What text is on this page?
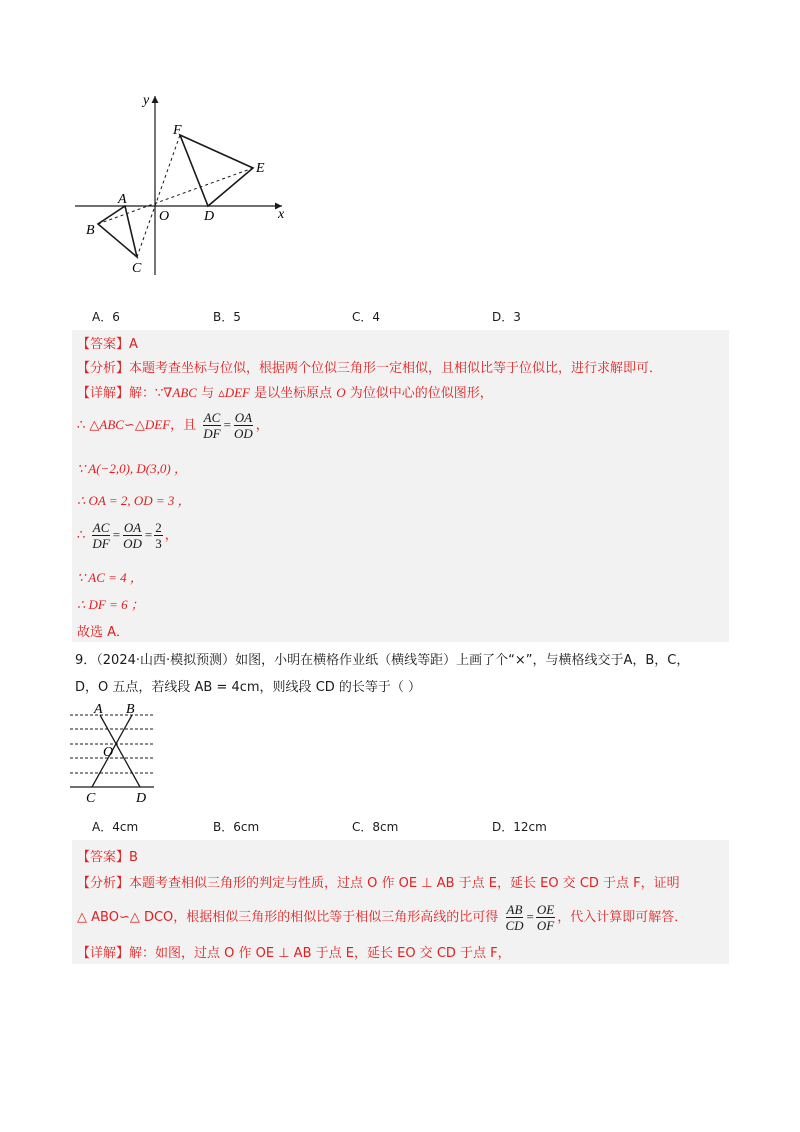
y
x
F
E
A
O D
B
C
A．6	B．5	C．4	D．3
【答案】A
【分析】本题考查坐标与位似，根据两个位似三角形一定相似，且相似比等于位似比，进行求解即可．
【详解】解：∵∇ABC 与 ▵DEF 是以坐标原点 O 为位似中心的位似图形，
∴ △ABC∽△DEF，且 $\frac{AC}{DF} = \frac{OA}{OD}$ ，
∵ A(−2,0), D(3,0) ，
∴ OA = 2, OD = 3 ，
∴ $\frac{AC}{DF} = \frac{OA}{OD} = \frac{2}{3}$ ，
∵ AC = 4 ，
∴ DF = 6 ；
故选 A．
9．（2024·山西·模拟预测）如图，小明在横格作业纸（横线等距）上画了个“×”，与横格线交于A，B，C，
D，O 五点，若线段 AB = 4cm，则线段 CD 的长等于（ ）
A B
O
C	D
A．4cm	B．6cm	C．8cm	D．12cm
【答案】B
【分析】本题考查相似三角形的判定与性质，过点 O 作 OE ⊥ AB 于点 E，延长 EO 交 CD 于点 F，证明
△ ABO∽△ DCO，根据相似三角形的相似比等于相似三角形高线的比可得 $\frac{AB}{CD} = \frac{OE}{OF}$ ，代入计算即可解答．
【详解】解：如图，过点 O 作 OE ⊥ AB 于点 E，延长 EO 交 CD 于点 F，
